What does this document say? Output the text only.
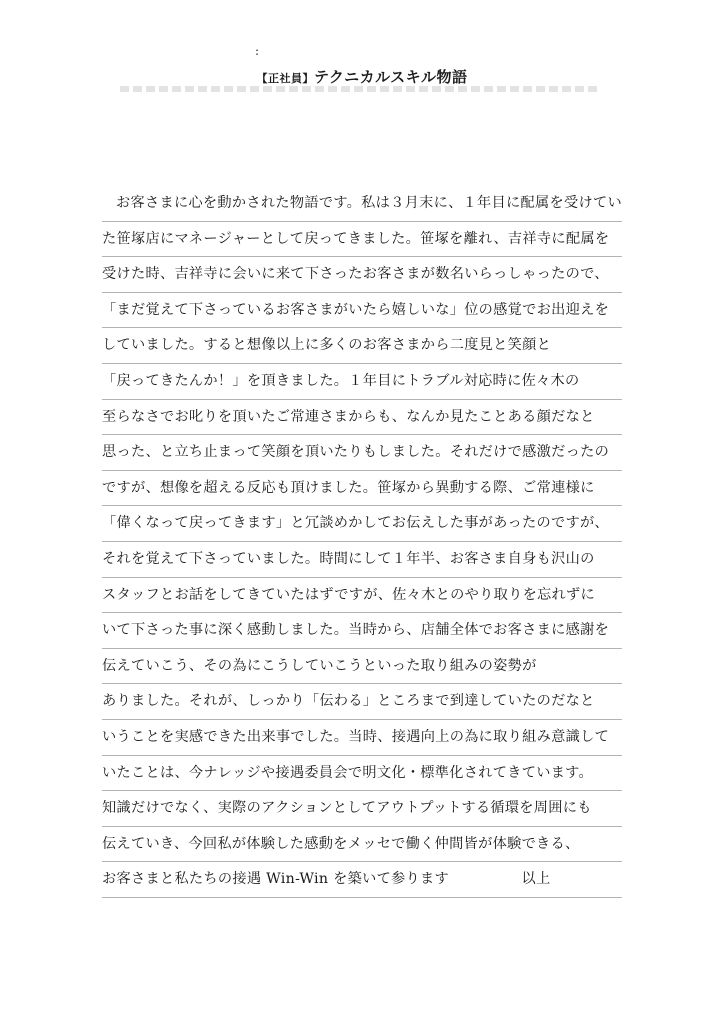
:
【正社員】テクニカルスキル物語
お客さまに心を動かされた物語です。私は３月末に、１年目に配属を受けてい
た笹塚店にマネージャーとして戻ってきました。笹塚を離れ、吉祥寺に配属を
受けた時、吉祥寺に会いに来て下さったお客さまが数名いらっしゃったので、
「まだ覚えて下さっているお客さまがいたら嬉しいな」位の感覚でお出迎えを
していました。すると想像以上に多くのお客さまから二度見と笑顔と
「戻ってきたんか！」を頂きました。１年目にトラブル対応時に佐々木の
至らなさでお叱りを頂いたご常連さまからも、なんか見たことある顔だなと
思った、と立ち止まって笑顔を頂いたりもしました。それだけで感激だったの
ですが、想像を超える反応も頂けました。笹塚から異動する際、ご常連様に
「偉くなって戻ってきます」と冗談めかしてお伝えした事があったのですが、
それを覚えて下さっていました。時間にして１年半、お客さま自身も沢山の
スタッフとお話をしてきていたはずですが、佐々木とのやり取りを忘れずに
いて下さった事に深く感動しました。当時から、店舗全体でお客さまに感謝を
伝えていこう、その為にこうしていこうといった取り組みの姿勢が
ありました。それが、しっかり「伝わる」ところまで到達していたのだなと
いうことを実感できた出来事でした。当時、接遇向上の為に取り組み意識して
いたことは、今ナレッジや接遇委員会で明文化・標準化されてきています。
知識だけでなく、実際のアクションとしてアウトプットする循環を周囲にも
伝えていき、今回私が体験した感動をメッセで働く仲間皆が体験できる、
お客さまと私たちの接遇 Win-Win を築いて参ります　　　　　以上
